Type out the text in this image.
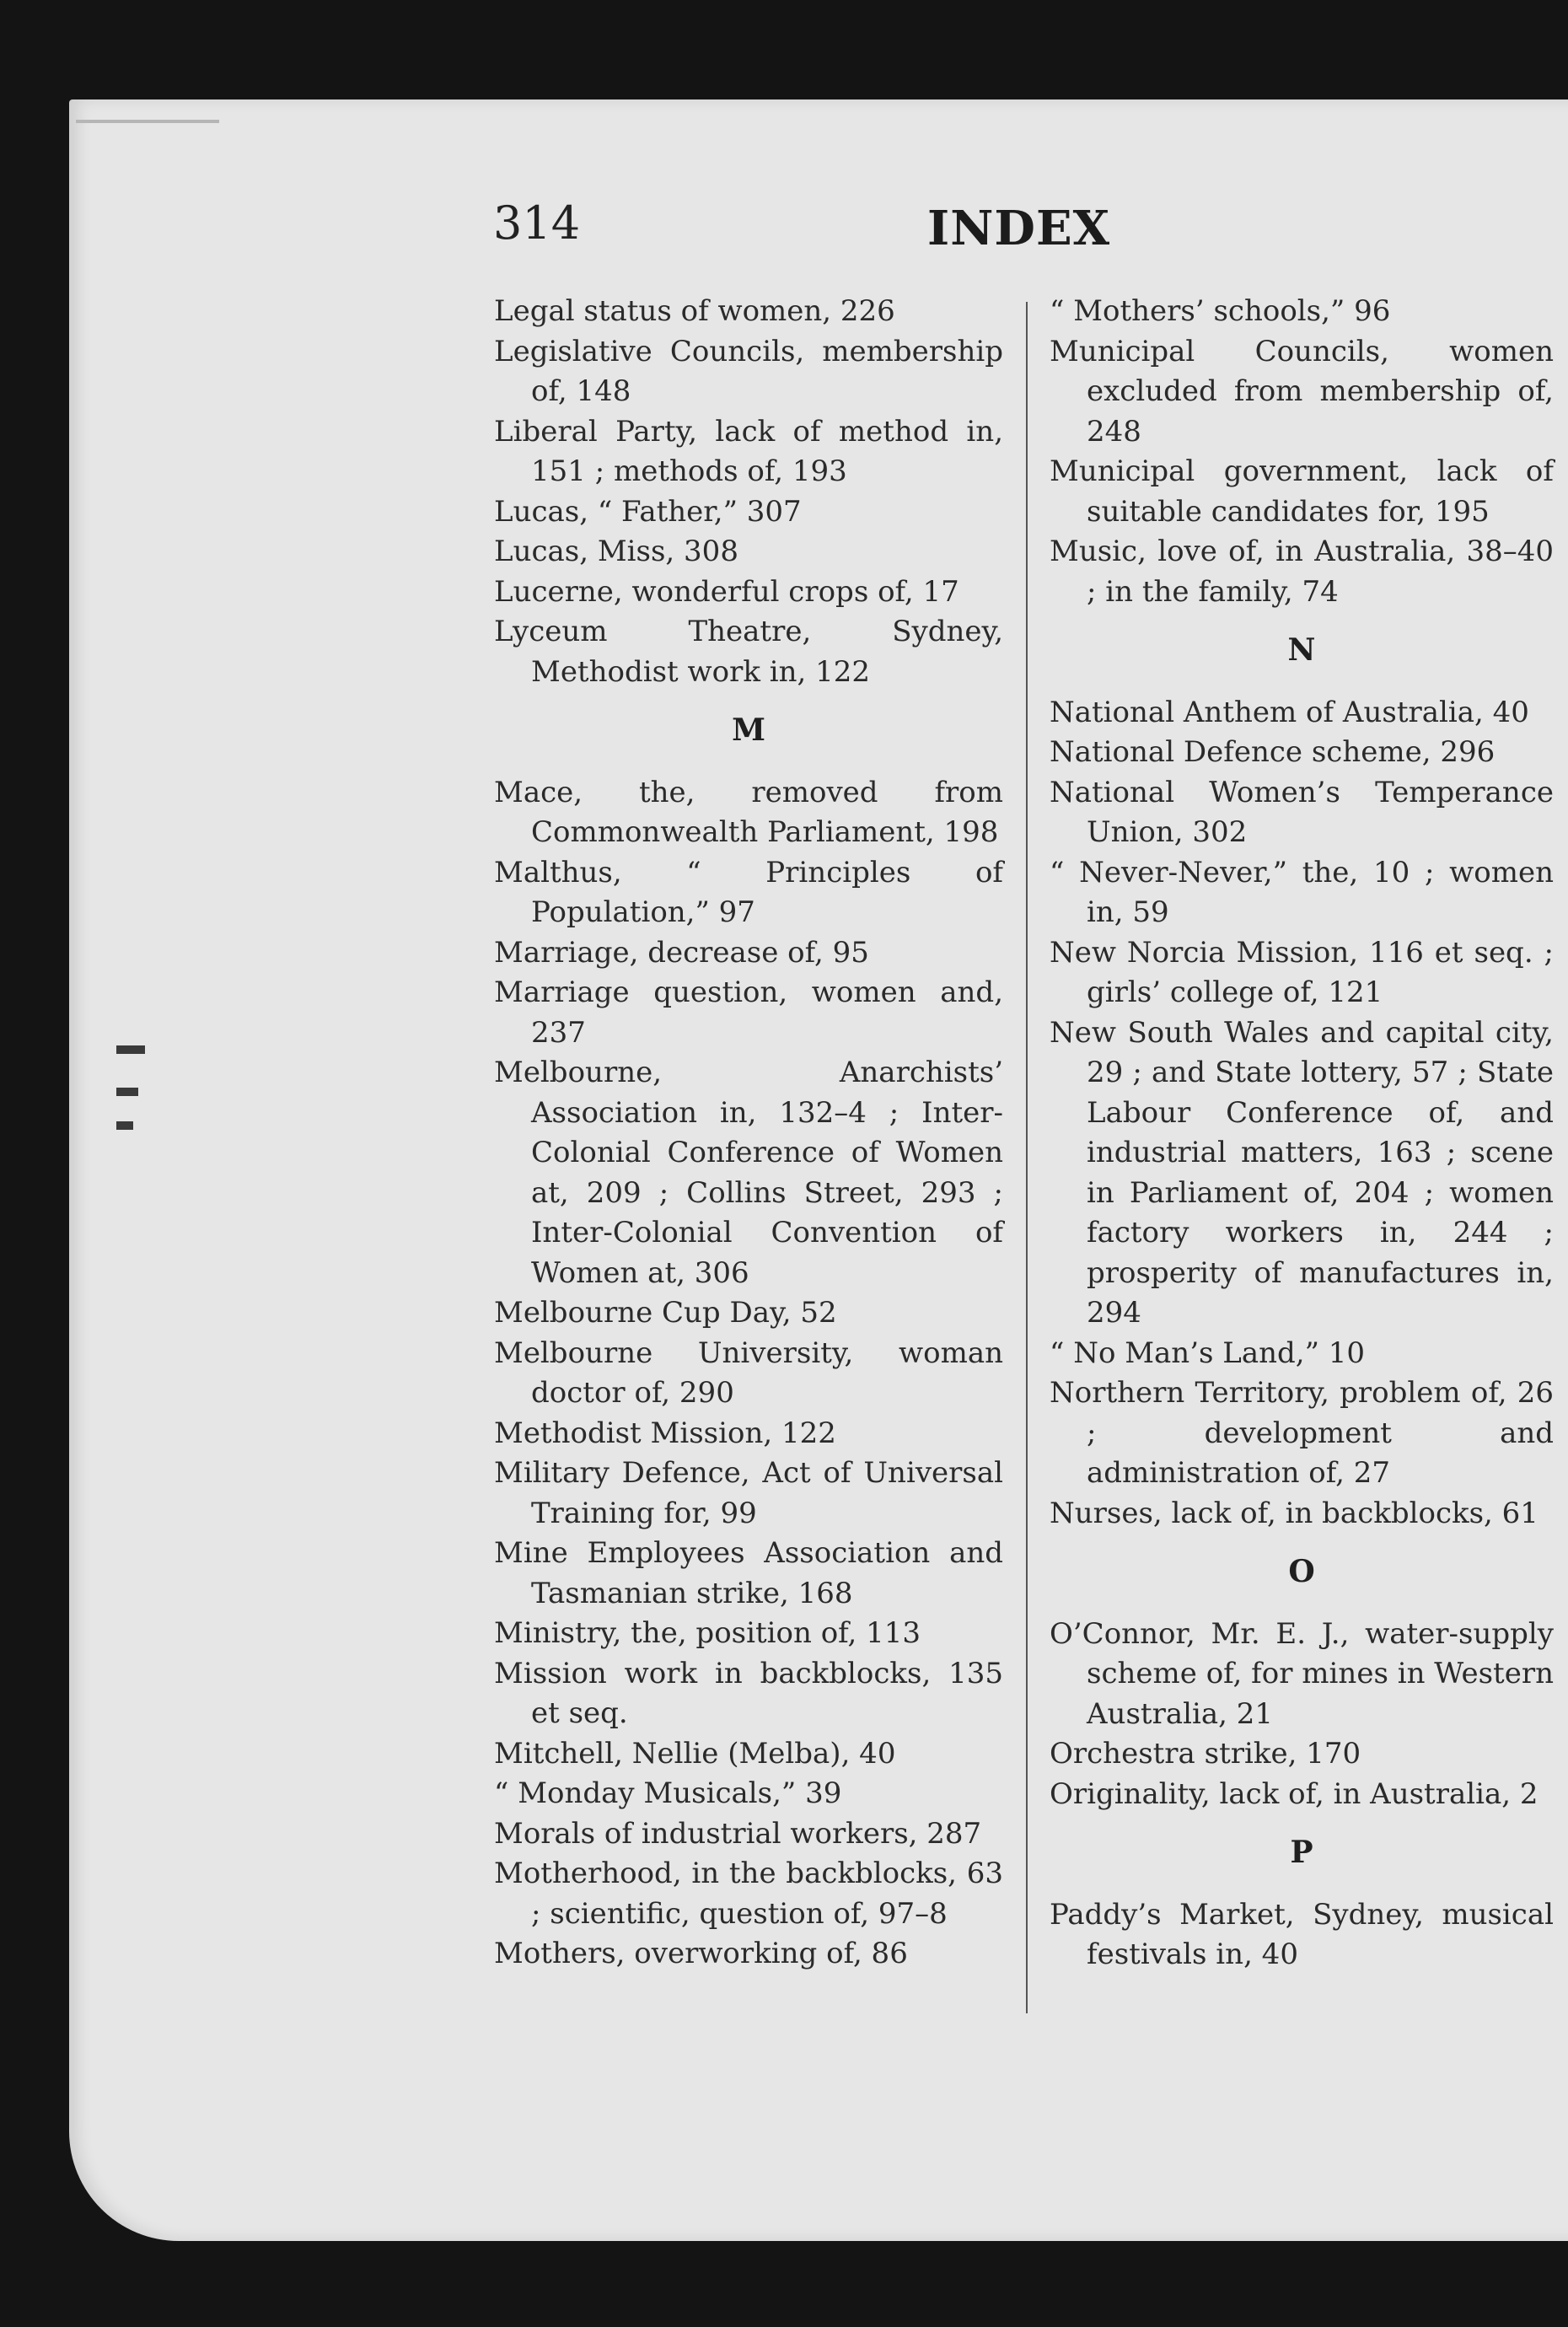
314	INDEX
Legal status of women, 226
Legislative Councils, membership of, 148
Liberal Party, lack of method in, 151 ; methods of, 193
Lucas, “ Father,” 307
Lucas, Miss, 308
Lucerne, wonderful crops of, 17
Lyceum Theatre, Sydney, Methodist work in, 122
M
Mace, the, removed from Commonwealth Parliament, 198
Malthus, “ Principles of Population,” 97
Marriage, decrease of, 95
Marriage question, women and, 237
Melbourne, Anarchists’ Association in, 132–4 ; Inter-Colonial Conference of Women at, 209 ; Collins Street, 293 ; Inter-Colonial Convention of Women at, 306
Melbourne Cup Day, 52
Melbourne University, woman doctor of, 290
Methodist Mission, 122
Military Defence, Act of Universal Training for, 99
Mine Employees Association and Tasmanian strike, 168
Ministry, the, position of, 113
Mission work in backblocks, 135 et seq.
Mitchell, Nellie (Melba), 40
“ Monday Musicals,” 39
Morals of industrial workers, 287
Motherhood, in the backblocks, 63 ; scientific, question of, 97–8
Mothers, overworking of, 86
“ Mothers’ schools,” 96
Municipal Councils, women excluded from membership of, 248
Municipal government, lack of suitable candidates for, 195
Music, love of, in Australia, 38–40 ; in the family, 74
N
National Anthem of Australia, 40
National Defence scheme, 296
National Women’s Temperance Union, 302
“ Never-Never,” the, 10 ; women in, 59
New Norcia Mission, 116 et seq. ; girls’ college of, 121
New South Wales and capital city, 29 ; and State lottery, 57 ; State Labour Conference of, and industrial matters, 163 ; scene in Parliament of, 204 ; women factory workers in, 244 ; prosperity of manufactures in, 294
“ No Man’s Land,” 10
Northern Territory, problem of, 26 ; development and administration of, 27
Nurses, lack of, in backblocks, 61
O
O’Connor, Mr. E. J., water-supply scheme of, for mines in Western Australia, 21
Orchestra strike, 170
Originality, lack of, in Australia, 2
P
Paddy’s Market, Sydney, musical festivals in, 40
